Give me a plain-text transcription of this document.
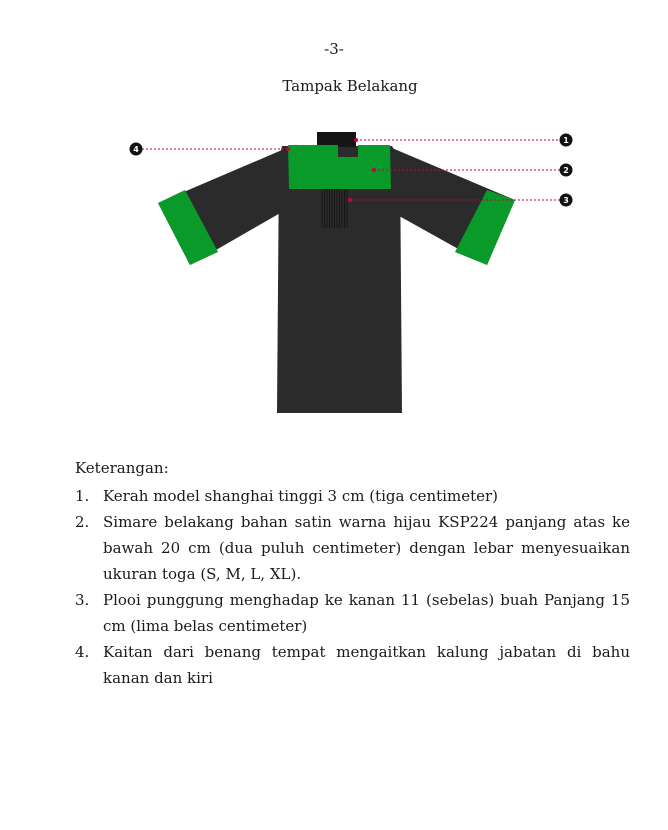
-3-
Tampak Belakang
1
2
3
4
Keterangan:
1. Kerah model shanghai tinggi 3 cm (tiga centimeter)
2. Simare belakang bahan satin warna hijau KSP224 panjang atas ke bawah 20 cm (dua puluh centimeter) dengan lebar menyesuaikan ukuran toga (S, M, L, XL).
3. Plooi punggung menghadap ke kanan 11 (sebelas) buah Panjang 15 cm (lima belas centimeter)
4. Kaitan dari benang tempat mengaitkan kalung jabatan di bahu kanan dan kiri
